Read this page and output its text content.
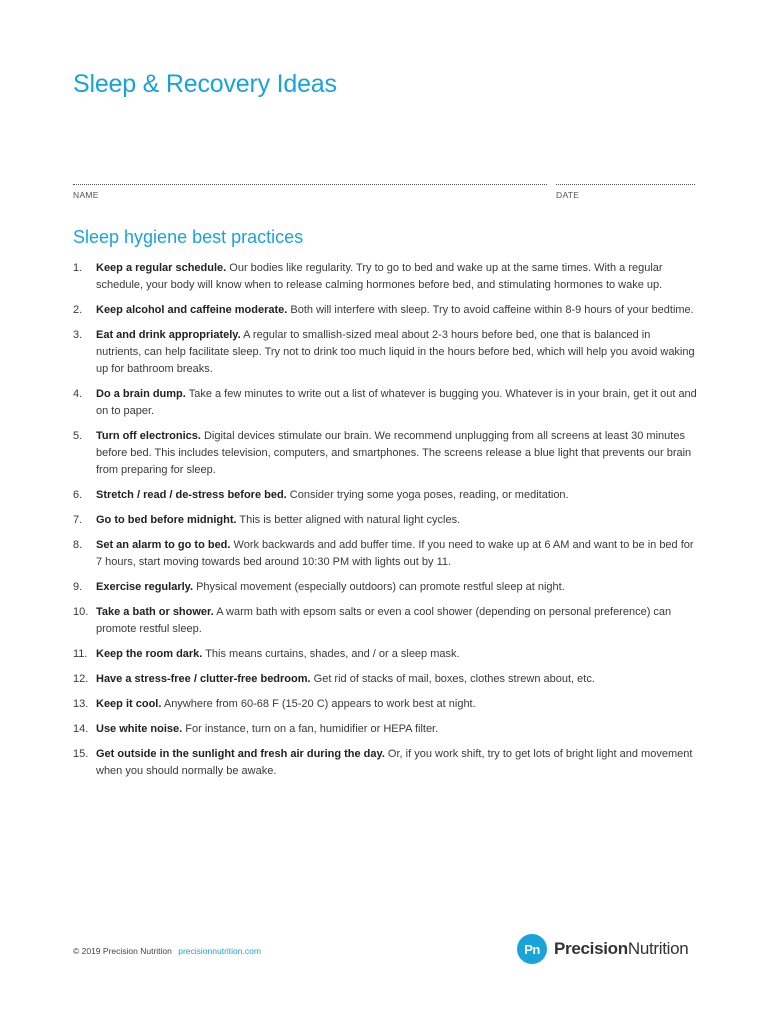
Sleep & Recovery Ideas
NAME	DATE
Sleep hygiene best practices
1.	Keep a regular schedule. Our bodies like regularity. Try to go to bed and wake up at the same times. With a regular schedule, your body will know when to release calming hormones before bed, and stimulating hormones to wake up.
2.	Keep alcohol and caffeine moderate. Both will interfere with sleep. Try to avoid caffeine within 8-9 hours of your bedtime.
3.	Eat and drink appropriately. A regular to smallish-sized meal about 2-3 hours before bed, one that is balanced in nutrients, can help facilitate sleep. Try not to drink too much liquid in the hours before bed, which will help you avoid waking up for bathroom breaks.
4.	Do a brain dump. Take a few minutes to write out a list of whatever is bugging you. Whatever is in your brain, get it out and on to paper.
5.	Turn off electronics. Digital devices stimulate our brain. We recommend unplugging from all screens at least 30 minutes before bed. This includes television, computers, and smartphones. The screens release a blue light that prevents our brain from preparing for sleep.
6.	Stretch / read / de-stress before bed. Consider trying some yoga poses, reading, or meditation.
7.	Go to bed before midnight. This is better aligned with natural light cycles.
8.	Set an alarm to go to bed. Work backwards and add buffer time. If you need to wake up at 6 AM and want to be in bed for 7 hours, start moving towards bed around 10:30 PM with lights out by 11.
9.	Exercise regularly. Physical movement (especially outdoors) can promote restful sleep at night.
10. Take a bath or shower. A warm bath with epsom salts or even a cool shower (depending on personal preference) can promote restful sleep.
11. Keep the room dark. This means curtains, shades, and / or a sleep mask.
12. Have a stress-free / clutter-free bedroom. Get rid of stacks of mail, boxes, clothes strewn about, etc.
13. Keep it cool. Anywhere from 60-68 F (15-20 C) appears to work best at night.
14. Use white noise. For instance, turn on a fan, humidifier or HEPA filter.
15. Get outside in the sunlight and fresh air during the day. Or, if you work shift, try to get lots of bright light and movement when you should normally be awake.
© 2019 Precision Nutrition precisionnutrition.com	Pn PrecisionNutrition
